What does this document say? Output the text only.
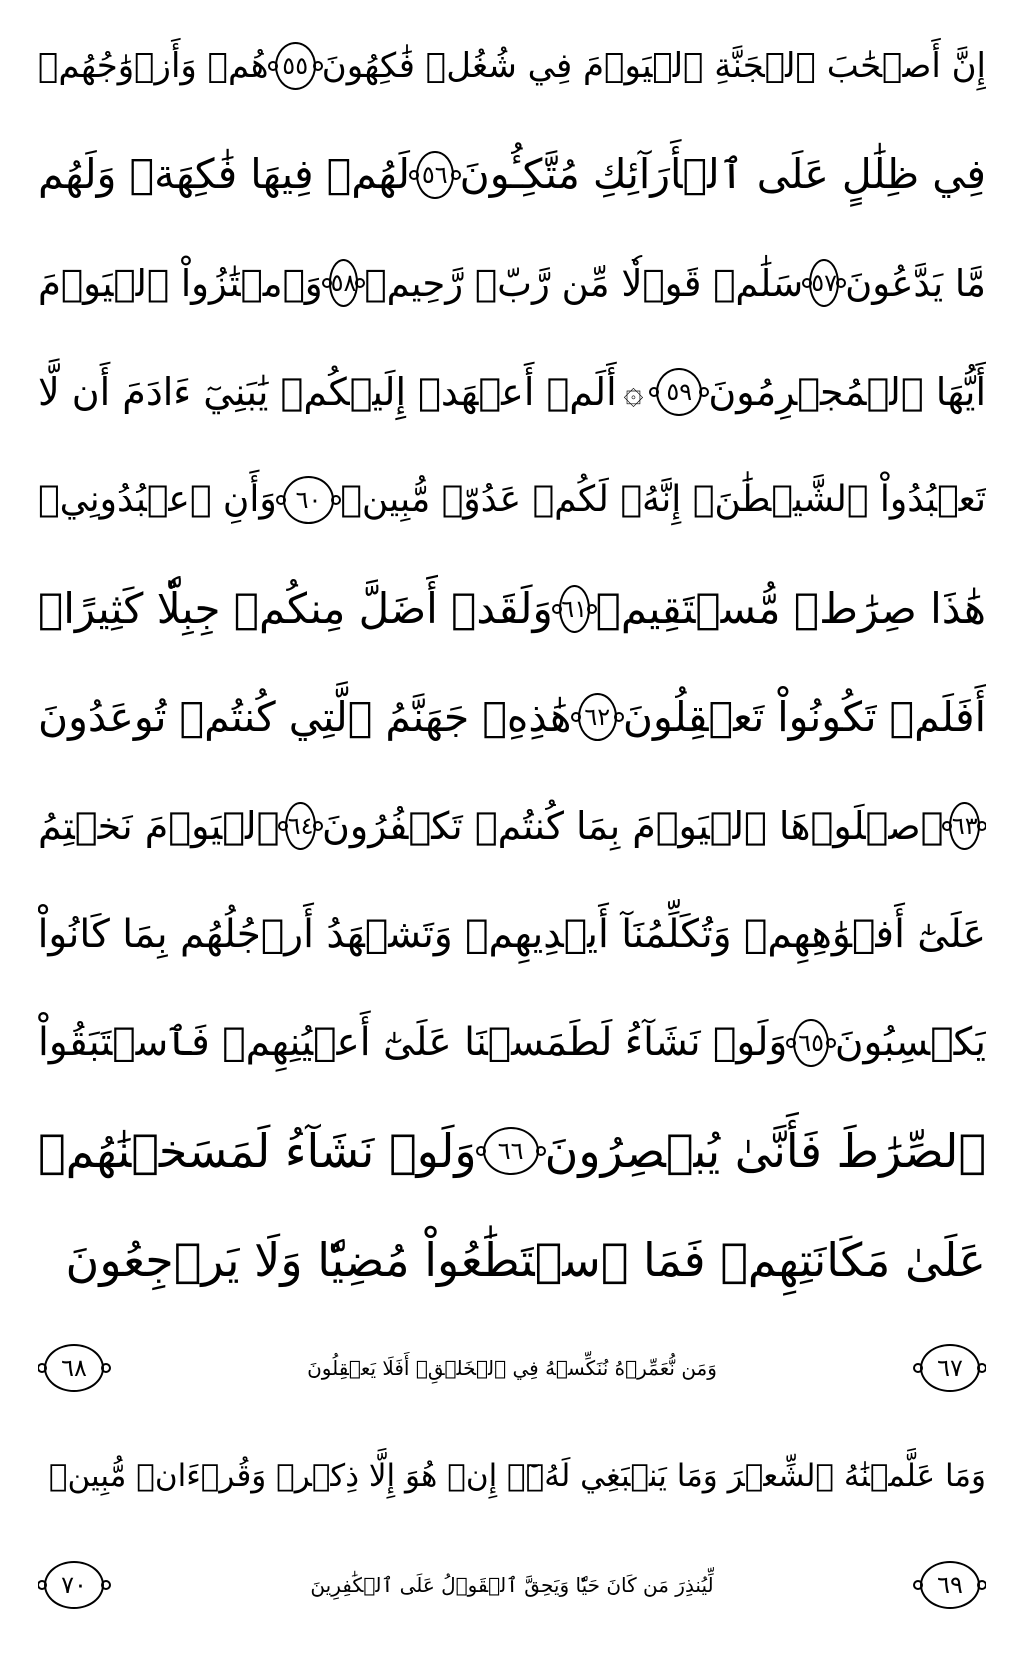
إِنَّ أَصۡحَٰبَ ٱلۡجَنَّةِ ٱلۡيَوۡمَ فِي شُغُلٖ فَٰكِهُونَ
٥٥
هُمۡ وَأَزۡوَٰجُهُمۡ
فِي ظِلَٰلٍ عَلَى ٱلۡأَرَآئِكِ مُتَّكِـُٔونَ
٥٦
لَهُمۡ فِيهَا فَٰكِهَةٞ وَلَهُم
مَّا يَدَّعُونَ
٥٧
سَلَٰمٞ قَوۡلٗا مِّن رَّبّٖ رَّحِيمٖ
٥٨
وَٱمۡتَٰزُواْ ٱلۡيَوۡمَ
أَيُّهَا ٱلۡمُجۡرِمُونَ
٥٩
۞
أَلَمۡ أَعۡهَدۡ إِلَيۡكُمۡ يَٰبَنِيٓ ءَادَمَ أَن لَّا
تَعۡبُدُواْ ٱلشَّيۡطَٰنَۖ إِنَّهُۥ لَكُمۡ عَدُوّٞ مُّبِينٞ
٦٠
وَأَنِ ٱعۡبُدُونِيۚ
هَٰذَا صِرَٰطٞ مُّسۡتَقِيمٞ
٦١
وَلَقَدۡ أَضَلَّ مِنكُمۡ جِبِلّٗا كَثِيرًاۖ
أَفَلَمۡ تَكُونُواْ تَعۡقِلُونَ
٦٢
هَٰذِهِۦ جَهَنَّمُ ٱلَّتِي كُنتُمۡ تُوعَدُونَ
٦٣
ٱصۡلَوۡهَا ٱلۡيَوۡمَ بِمَا كُنتُمۡ تَكۡفُرُونَ
٦٤
ٱلۡيَوۡمَ نَخۡتِمُ
عَلَىٰٓ أَفۡوَٰهِهِمۡ وَتُكَلِّمُنَآ أَيۡدِيهِمۡ وَتَشۡهَدُ أَرۡجُلُهُم بِمَا كَانُواْ
يَكۡسِبُونَ
٦٥
وَلَوۡ نَشَآءُ لَطَمَسۡنَا عَلَىٰٓ أَعۡيُنِهِمۡ فَٱسۡتَبَقُواْ
ٱلصِّرَٰطَ فَأَنَّىٰ يُبۡصِرُونَ
٦٦
وَلَوۡ نَشَآءُ لَمَسَخۡنَٰهُمۡ
عَلَىٰ مَكَانَتِهِمۡ فَمَا ٱسۡتَطَٰعُواْ مُضِيّٗا وَلَا يَرۡجِعُونَ
٦٧
وَمَن نُّعَمِّرۡهُ نُنَكِّسۡهُ فِي ٱلۡخَلۡقِۚ أَفَلَا يَعۡقِلُونَ
٦٨
وَمَا عَلَّمۡنَٰهُ ٱلشِّعۡرَ وَمَا يَنۢبَغِي لَهُۥٓۚ إِنۡ هُوَ إِلَّا ذِكۡرٞ وَقُرۡءَانٞ مُّبِينٞ
٦٩
لِّيُنذِرَ مَن كَانَ حَيّٗا وَيَحِقَّ ٱلۡقَوۡلُ عَلَى ٱلۡكَٰفِرِينَ
٧٠
